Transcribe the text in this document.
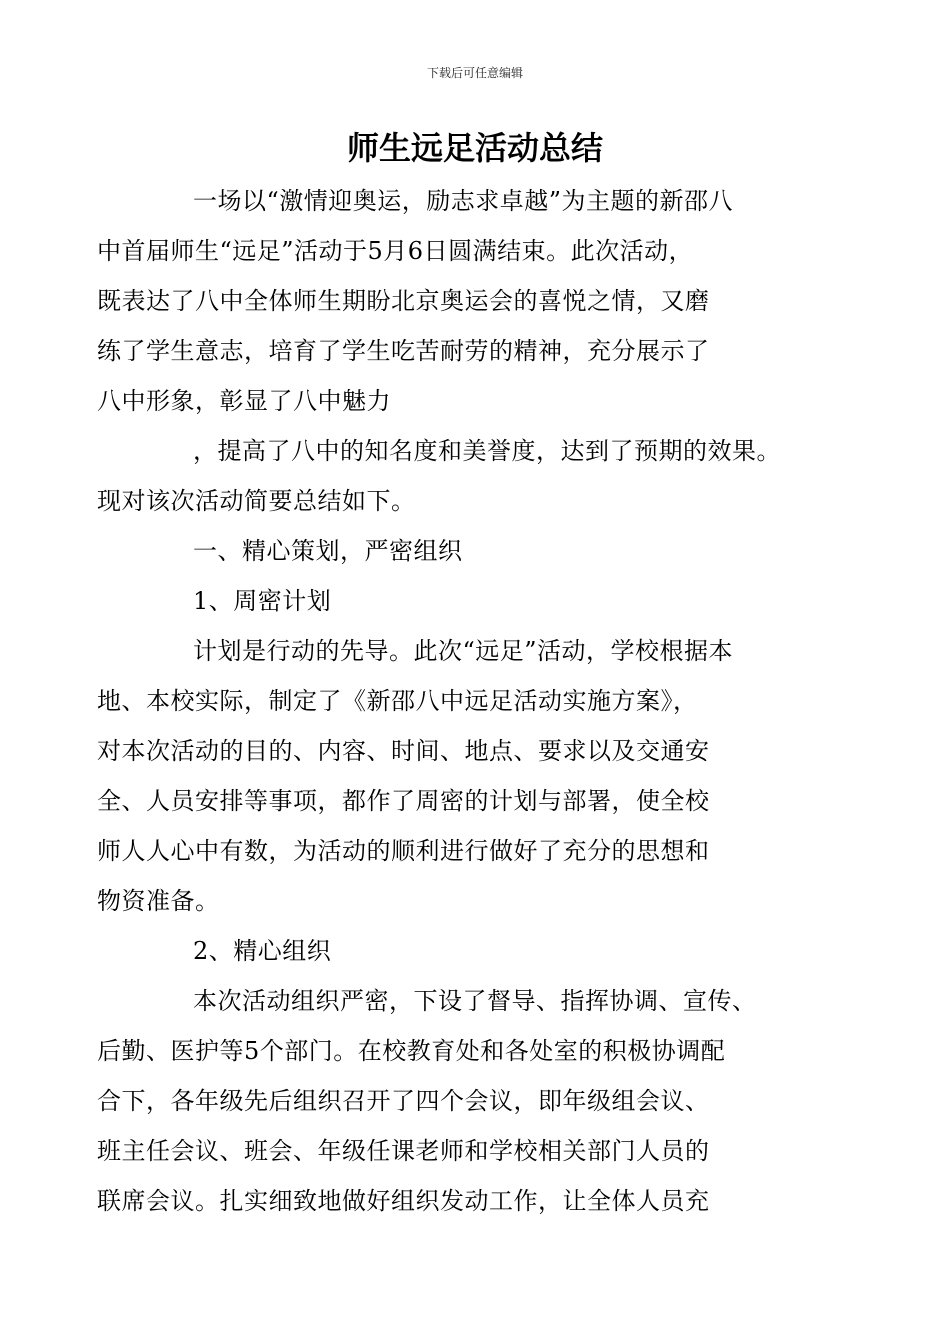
下载后可任意编辑
师生远足活动总结

一场以“激情迎奥运，励志求卓越”为主题的新邵八
中首届师生“远足”活动于5月6日圆满结束。此次活动，
既表达了八中全体师生期盼北京奥运会的喜悦之情，又磨
练了学生意志，培育了学生吃苦耐劳的精神，充分展示了
八中形象，彰显了八中魅力

，提高了八中的知名度和美誉度，达到了预期的效果。
现对该次活动简要总结如下。

一、精心策划，严密组织

1、周密计划

计划是行动的先导。此次“远足”活动，学校根据本
地、本校实际，制定了《新邵八中远足活动实施方案》，
对本次活动的目的、内容、时间、地点、要求以及交通安
全、人员安排等事项，都作了周密的计划与部署，使全校
师人人心中有数，为活动的顺利进行做好了充分的思想和
物资准备。

2、精心组织

本次活动组织严密，下设了督导、指挥协调、宣传、
后勤、医护等5个部门。在校教育处和各处室的积极协调配
合下，各年级先后组织召开了四个会议，即年级组会议、
班主任会议、班会、年级任课老师和学校相关部门人员的
联席会议。扎实细致地做好组织发动工作，让全体人员充
